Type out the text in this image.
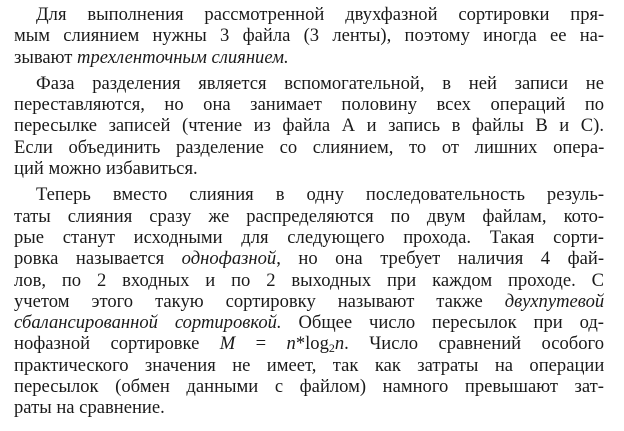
Для выполнения рассмотренной двухфазной сортировки пря-
мым слиянием нужны 3 файла (3 ленты), поэтому иногда ее на-
зывают трехленточным слиянием.
Фаза разделения является вспомогательной, в ней записи не
переставляются, но она занимает половину всех операций по
пересылке записей (чтение из файла А и запись в файлы В и С).
Если объединить разделение со слиянием, то от лишних опера-
ций можно избавиться.
Теперь вместо слияния в одну последовательность резуль-
таты слияния сразу же распределяются по двум файлам, кото-
рые станут исходными для следующего прохода. Такая сорти-
ровка называется однофазной, но она требует наличия 4 фай-
лов, по 2 входных и по 2 выходных при каждом проходе. С
учетом этого такую сортировку называют также двухпутевой
сбалансированной сортировкой. Общее число пересылок при од-
нофазной сортировке $M = n*\log_2n$. Число сравнений особого
практического значения не имеет, так как затраты на операции
пересылок (обмен данными с файлом) намного превышают зат-
раты на сравнение.
